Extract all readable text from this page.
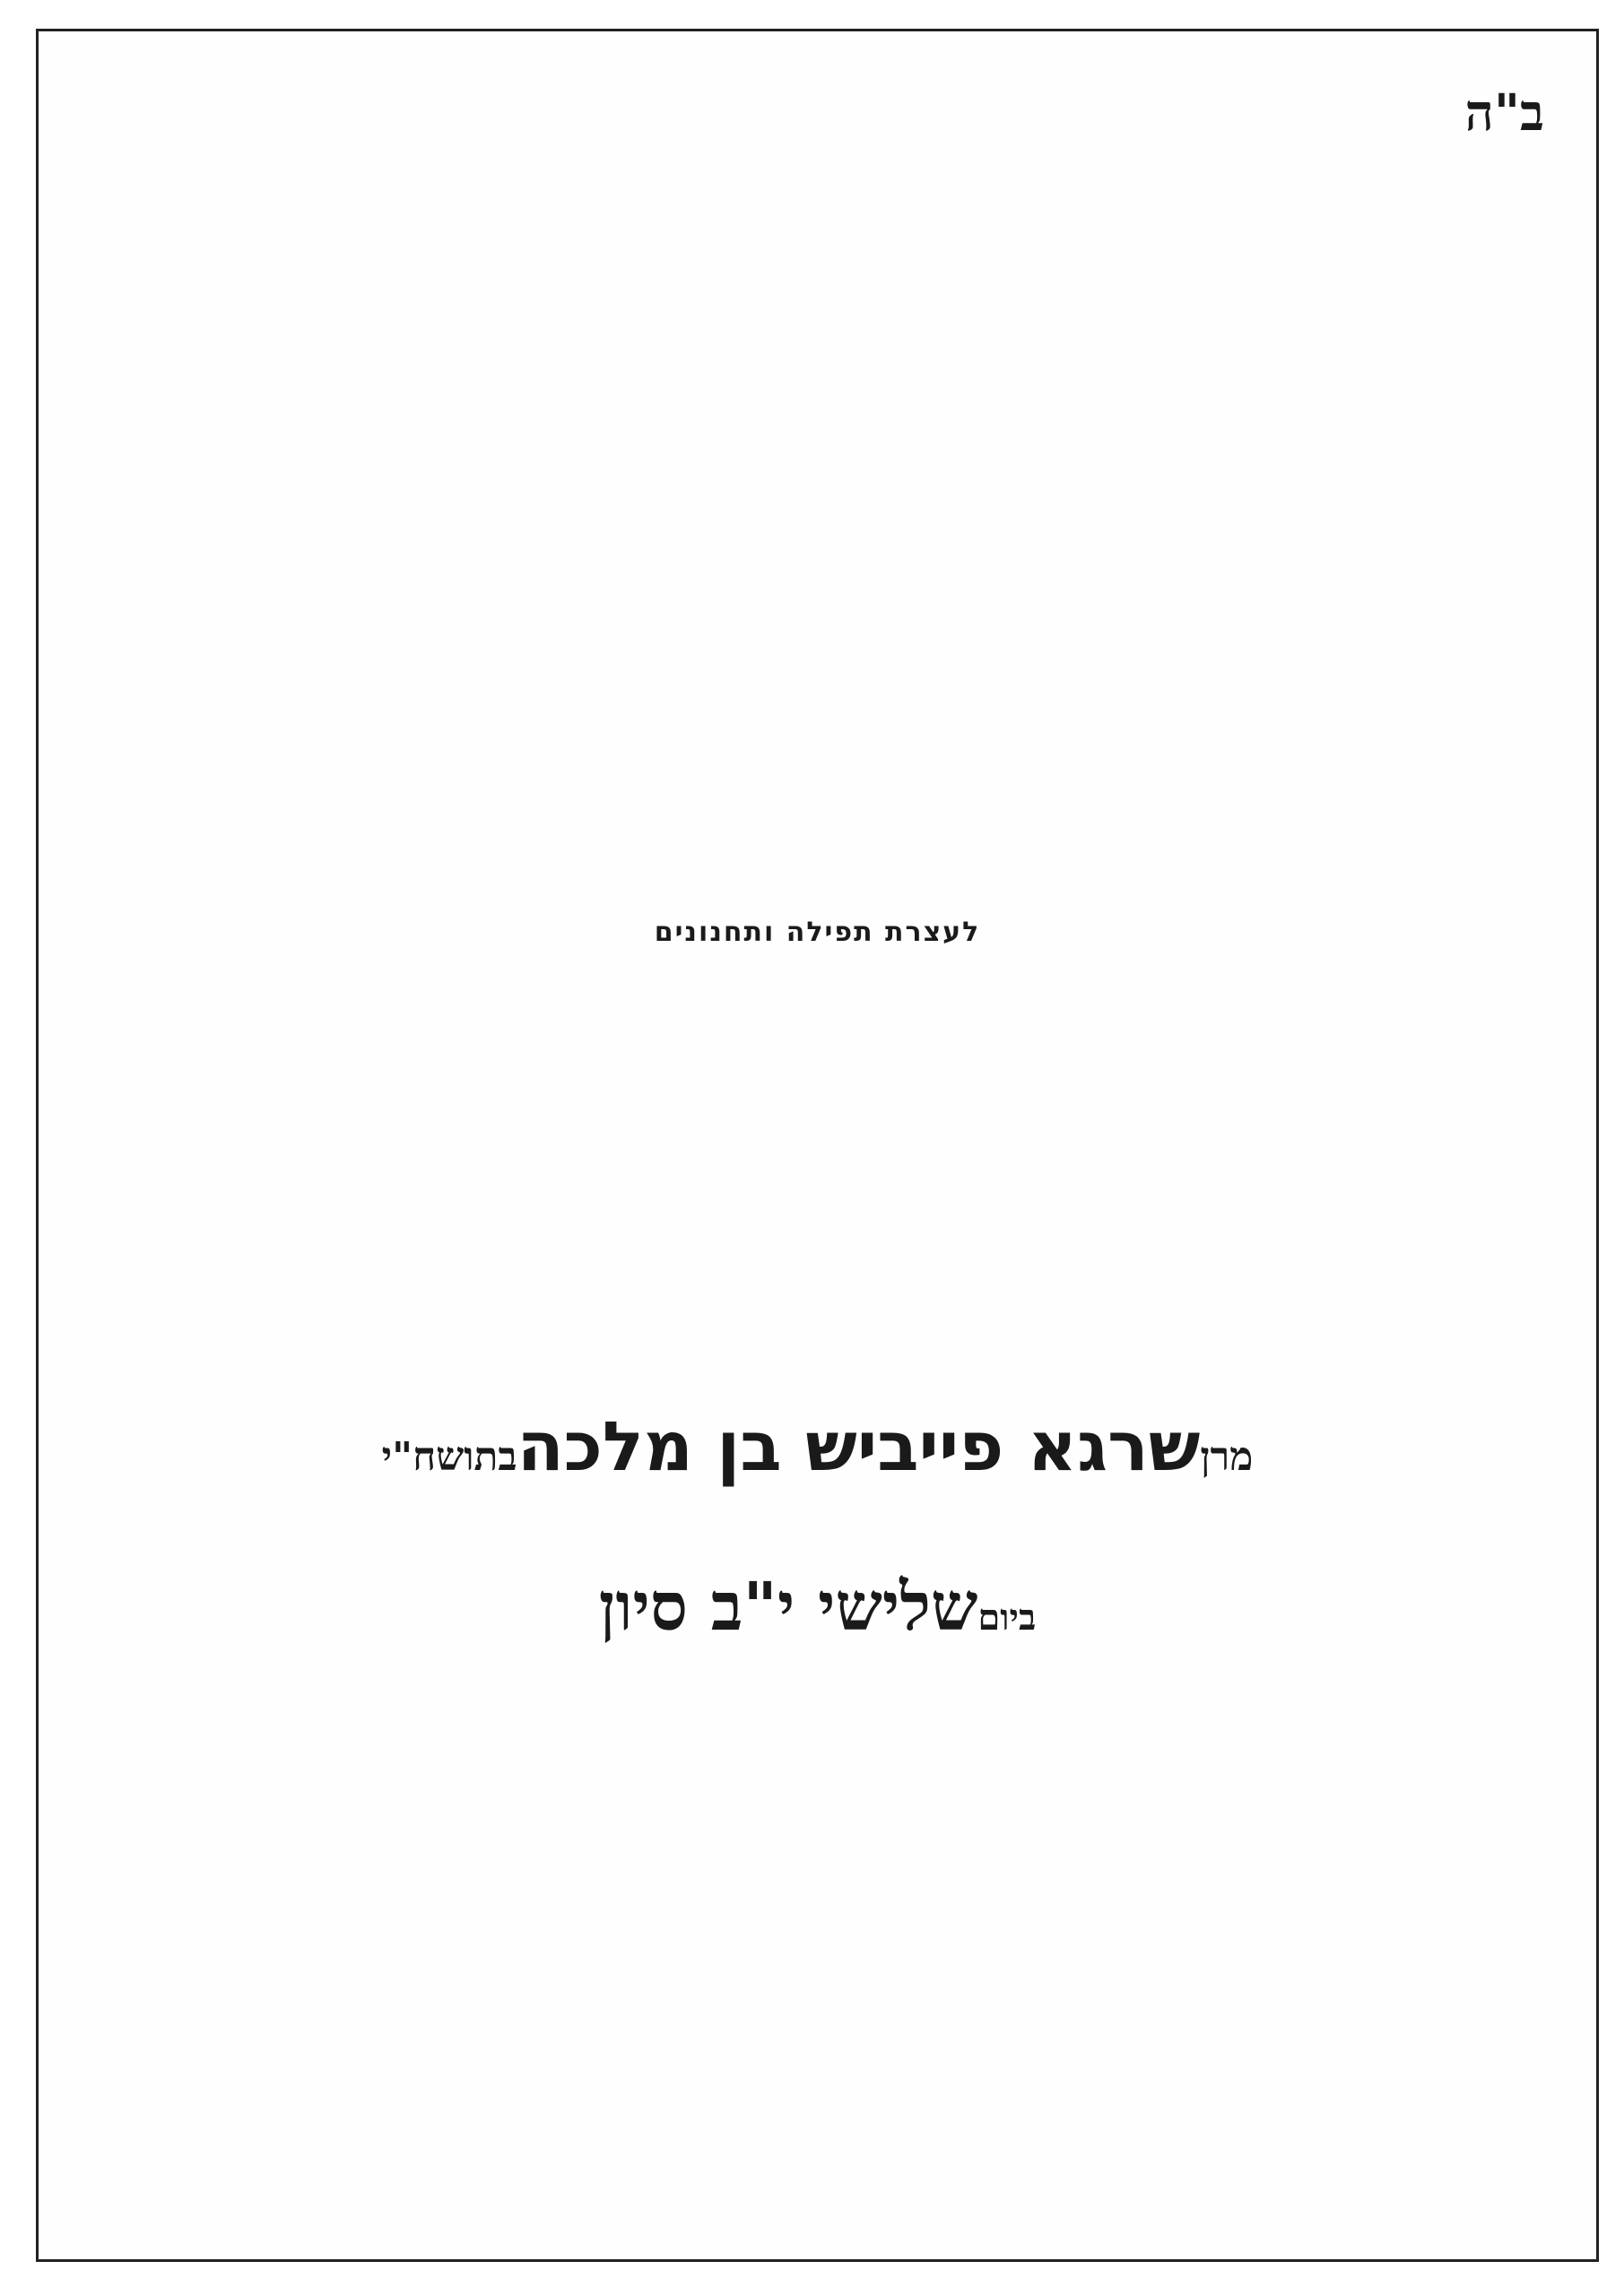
ב"ה
לעצרת תפילה ותחנונים
מרן שרגא פייביש בן מלכה בתושח"י
ביום שלישי י"ב סיון
